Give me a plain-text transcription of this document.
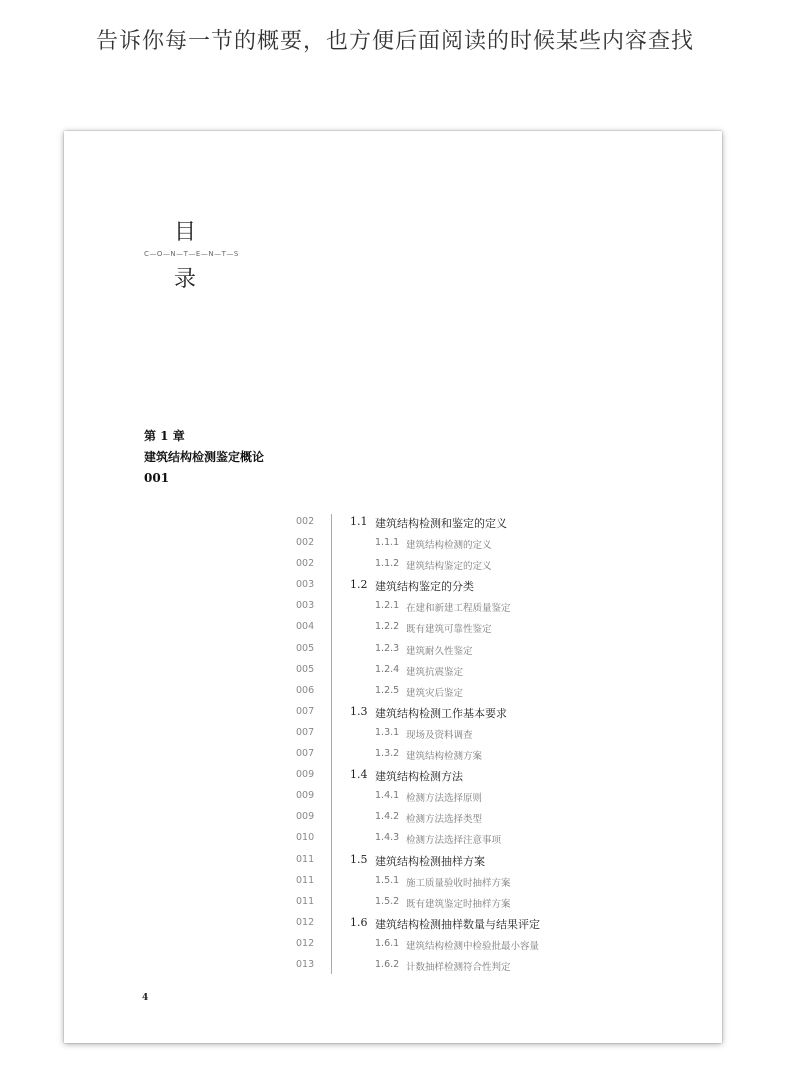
告诉你每一节的概要，也方便后面阅读的时候某些内容查找
目
C—O—N—T—E—N—T—S
录
第 1 章
建筑结构检测鉴定概论
001
002	1.1 建筑结构检测和鉴定的定义
002	1.1.1 建筑结构检测的定义
002	1.1.2 建筑结构鉴定的定义
003	1.2 建筑结构鉴定的分类
003	1.2.1 在建和新建工程质量鉴定
004	1.2.2 既有建筑可靠性鉴定
005	1.2.3 建筑耐久性鉴定
005	1.2.4 建筑抗震鉴定
006	1.2.5 建筑灾后鉴定
007	1.3 建筑结构检测工作基本要求
007	1.3.1 现场及资料调查
007	1.3.2 建筑结构检测方案
009	1.4 建筑结构检测方法
009	1.4.1 检测方法选择原则
009	1.4.2 检测方法选择类型
010	1.4.3 检测方法选择注意事项
011	1.5 建筑结构检测抽样方案
011	1.5.1 施工质量验收时抽样方案
011	1.5.2 既有建筑鉴定时抽样方案
012	1.6 建筑结构检测抽样数量与结果评定
012	1.6.1 建筑结构检测中检验批最小容量
013	1.6.2 计数抽样检测符合性判定
4
